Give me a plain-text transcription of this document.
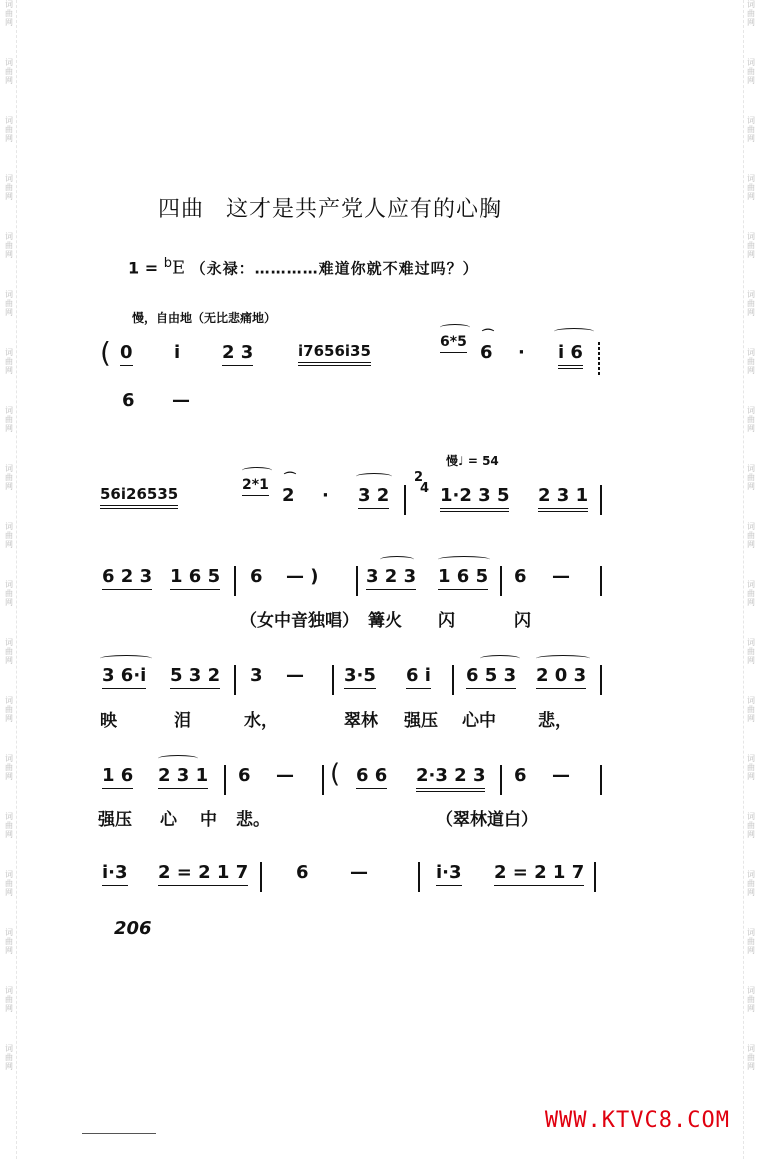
词
曲
网
词
曲
网
词
曲
网
词
曲
网
词
曲
网
词
曲
网
词
曲
网
词
曲
网
词
曲
网
词
曲
网
词
曲
网
词
曲
网
词
曲
网
词
曲
网
词
曲
网
词
曲
网
词
曲
网
词
曲
网
词
曲
网
词
曲
网
词
曲
网
词
曲
网
词
曲
网
词
曲
网
词
曲
网
词
曲
网
词
曲
网
词
曲
网
词
曲
网
词
曲
网
词
曲
网
词
曲
网
词
曲
网
词
曲
网
词
曲
网
词
曲
网
词
曲
网
词
曲
网
四曲 这才是共产党人应有的心胸
1 = $^b$E （永禄：…………难道你就不难过吗？）
慢，自由地（无比悲痛地）
慢♩ = 54
( 0 i 2 3	i7656i35	6*5 6 · i 6
⌒
6 —
56i26535	2*1 2 · 3 2	1·2 3 5 2 3 1
⌒	2
4
6 2 3 1 6 5 6 — )	3 2 3 1 6 5 6 —
（女中音独唱） 篝火 闪	闪
3 6·i 5 3 2 3 — 3·5 6 i 6 5 3 2 0 3
映	泪	水，	翠林 强压 心中 悲，
1 6 2 3 1 6 — ( 6 6 2·3 2 3 6 —
强压 心 中 悲。	（翠林道白）
i·3 2 = 2 1 7	6 —	i·3 2 = 2 1 7
206
WWW.KTVC8.COM
